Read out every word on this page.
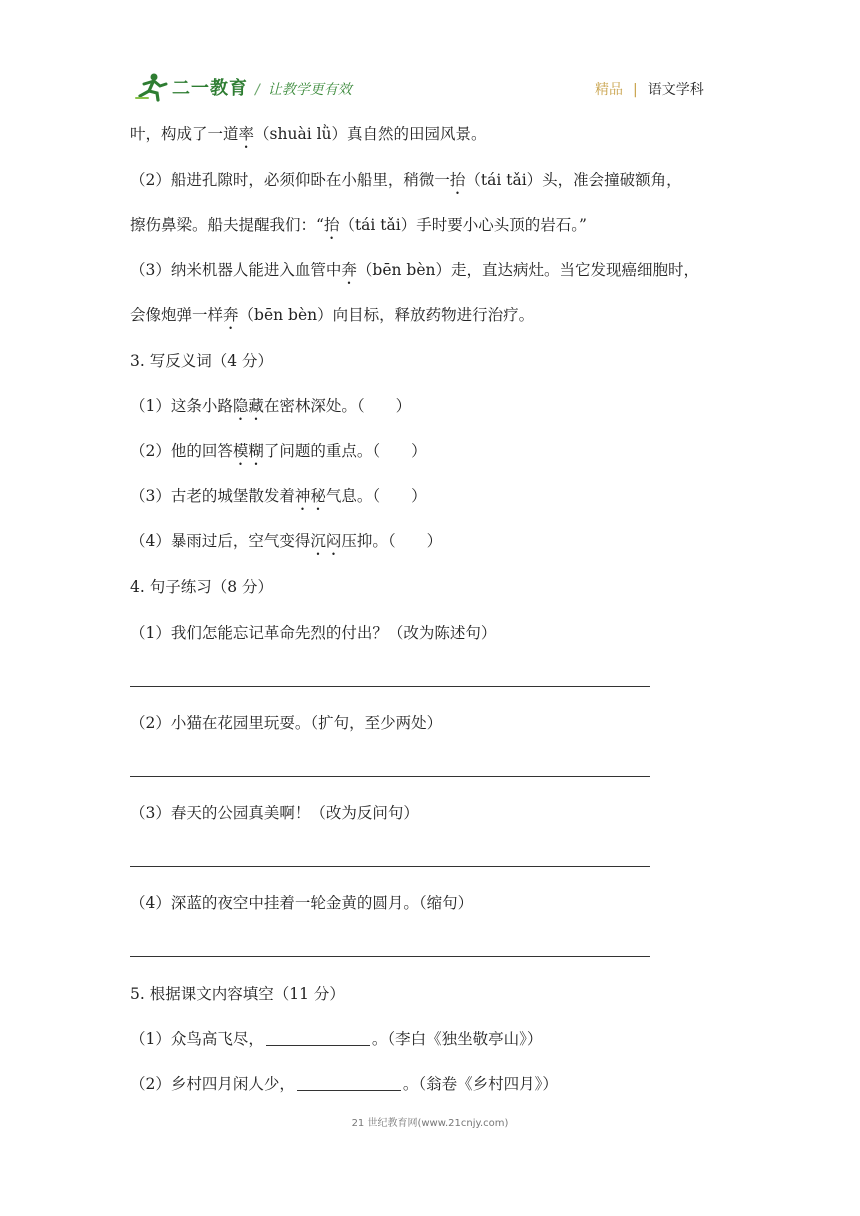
二一教育 / 让教学更有效	精品 | 语文学科
叶，构成了一道率（shuài lǜ）真自然的田园风景。
（2）船进孔隙时，必须仰卧在小船里，稍微一抬（tái tǎi）头，准会撞破额角，
擦伤鼻梁。船夫提醒我们：“抬（tái tǎi）手时要小心头顶的岩石。”
（3）纳米机器人能进入血管中奔（bēn bèn）走，直达病灶。当它发现癌细胞时，
会像炮弹一样奔（bēn bèn）向目标，释放药物进行治疗。
3. 写反义词（4 分）
（1）这条小路隐藏在密林深处。（　　）
（2）他的回答模糊了问题的重点。（　　）
（3）古老的城堡散发着神秘气息。（　　）
（4）暴雨过后，空气变得沉闷压抑。（　　）
4. 句子练习（8 分）
（1）我们怎能忘记革命先烈的付出？（改为陈述句）
（2）小猫在花园里玩耍。（扩句，至少两处）
（3）春天的公园真美啊！（改为反问句）
（4）深蓝的夜空中挂着一轮金黄的圆月。（缩句）
5. 根据课文内容填空（11 分）
（1）众鸟高飞尽，	。（李白《独坐敬亭山》）
（2）乡村四月闲人少，	。（翁卷《乡村四月》）
21 世纪教育网(www.21cnjy.com)
